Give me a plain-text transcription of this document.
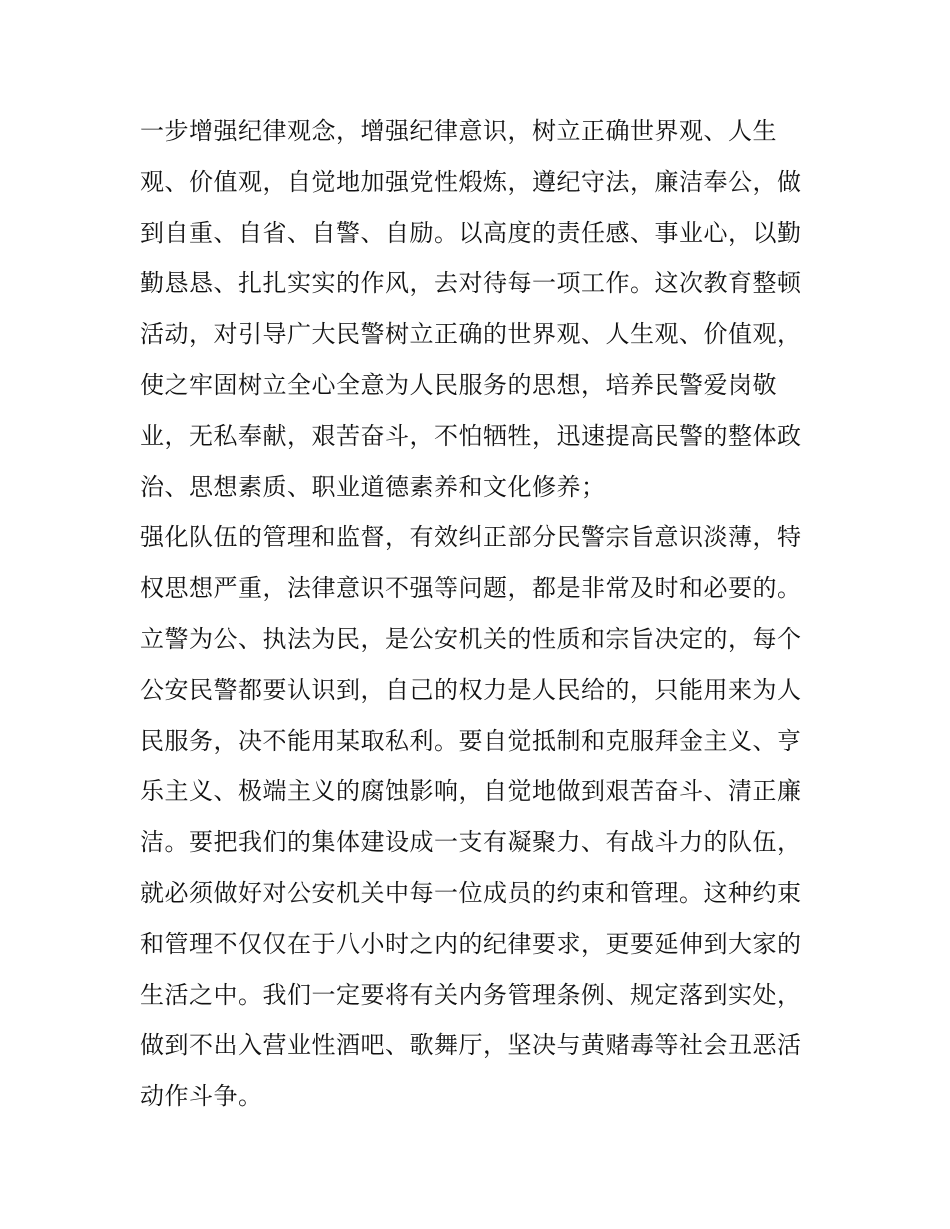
一步增强纪律观念，增强纪律意识，树立正确世界观、人生
观、价值观，自觉地加强党性煅炼，遵纪守法，廉洁奉公，做
到自重、自省、自警、自励。以高度的责任感、事业心，以勤
勤恳恳、扎扎实实的作风，去对待每一项工作。这次教育整顿
活动，对引导广大民警树立正确的世界观、人生观、价值观，
使之牢固树立全心全意为人民服务的思想，培养民警爱岗敬
业，无私奉献，艰苦奋斗，不怕牺牲，迅速提高民警的整体政
治、思想素质、职业道德素养和文化修养；
强化队伍的管理和监督，有效纠正部分民警宗旨意识淡薄，特
权思想严重，法律意识不强等问题，都是非常及时和必要的。
立警为公、执法为民，是公安机关的性质和宗旨决定的，每个
公安民警都要认识到，自己的权力是人民给的，只能用来为人
民服务，决不能用某取私利。要自觉抵制和克服拜金主义、亨
乐主义、极端主义的腐蚀影响，自觉地做到艰苦奋斗、清正廉
洁。要把我们的集体建设成一支有凝聚力、有战斗力的队伍，
就必须做好对公安机关中每一位成员的约束和管理。这种约束
和管理不仅仅在于八小时之内的纪律要求，更要延伸到大家的
生活之中。我们一定要将有关内务管理条例、规定落到实处，
做到不出入营业性酒吧、歌舞厅，坚决与黄赌毒等社会丑恶活
动作斗争。
